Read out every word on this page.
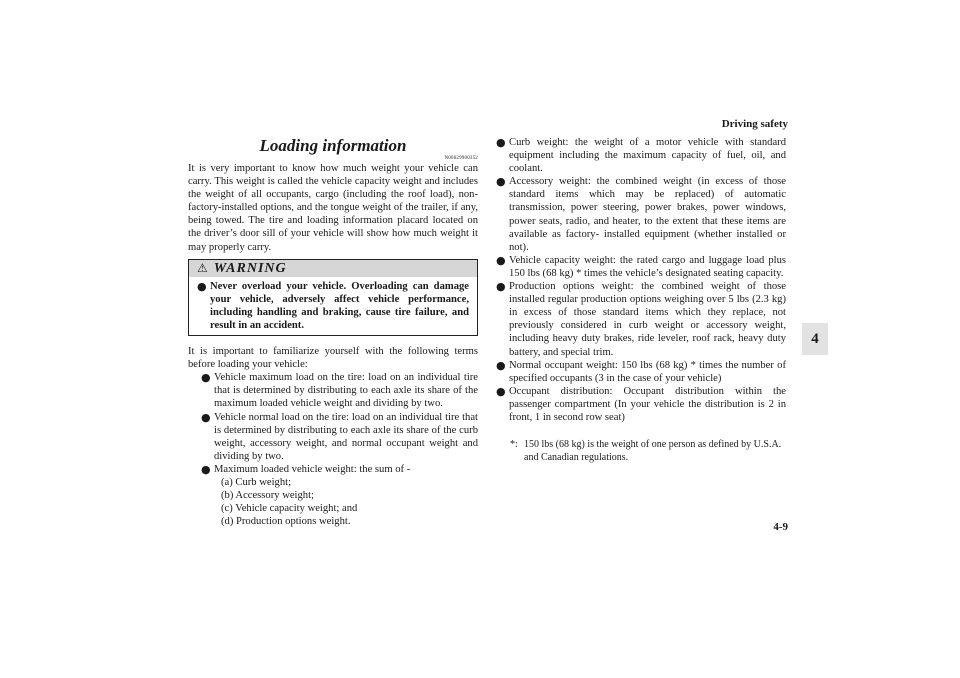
Driving safety
4
4-9
Loading information
N00629900352

It is very important to know how much weight your vehicle can carry. This weight is called the vehicle capacity weight and includes the weight of all occupants, cargo (including the roof load), non-factory-installed options, and the tongue weight of the trailer, if any, being towed. The tire and loading information placard located on the driver’s door sill of your vehicle will show how much weight it may properly carry.

⚠ WARNING
● Never overload your vehicle. Overloading can damage your vehicle, adversely affect vehicle performance, including handling and braking, cause tire failure, and result in an accident.

It is important to familiarize yourself with the following terms before loading your vehicle:

● Vehicle maximum load on the tire: load on an individual tire that is determined by distributing to each axle its share of the maximum loaded vehicle weight and dividing by two.
● Vehicle normal load on the tire: load on an individual tire that is determined by distributing to each axle its share of the curb weight, accessory weight, and normal occupant weight and dividing by two.
● Maximum loaded vehicle weight: the sum of -
(a) Curb weight;
(b) Accessory weight;
(c) Vehicle capacity weight; and
(d) Production options weight.
● Curb weight: the weight of a motor vehicle with standard equipment including the maximum capacity of fuel, oil, and coolant.
● Accessory weight: the combined weight (in excess of those standard items which may be replaced) of automatic transmission, power steering, power brakes, power windows, power seats, radio, and heater, to the extent that these items are available as factory- installed equipment (whether installed or not).
● Vehicle capacity weight: the rated cargo and luggage load plus 150 lbs (68 kg) * times the vehicle’s designated seating capacity.
● Production options weight: the combined weight of those installed regular production options weighing over 5 lbs (2.3 kg) in excess of those standard items which they replace, not previously considered in curb weight or accessory weight, including heavy duty brakes, ride leveler, roof rack, heavy duty battery, and special trim.
● Normal occupant weight: 150 lbs (68 kg) * times the number of specified occupants (3 in the case of your vehicle)
● Occupant distribution: Occupant distribution within the passenger compartment (In your vehicle the distribution is 2 in front, 1 in second row seat)
*: 150 lbs (68 kg) is the weight of one person as defined by U.S.A. and Canadian regulations.
